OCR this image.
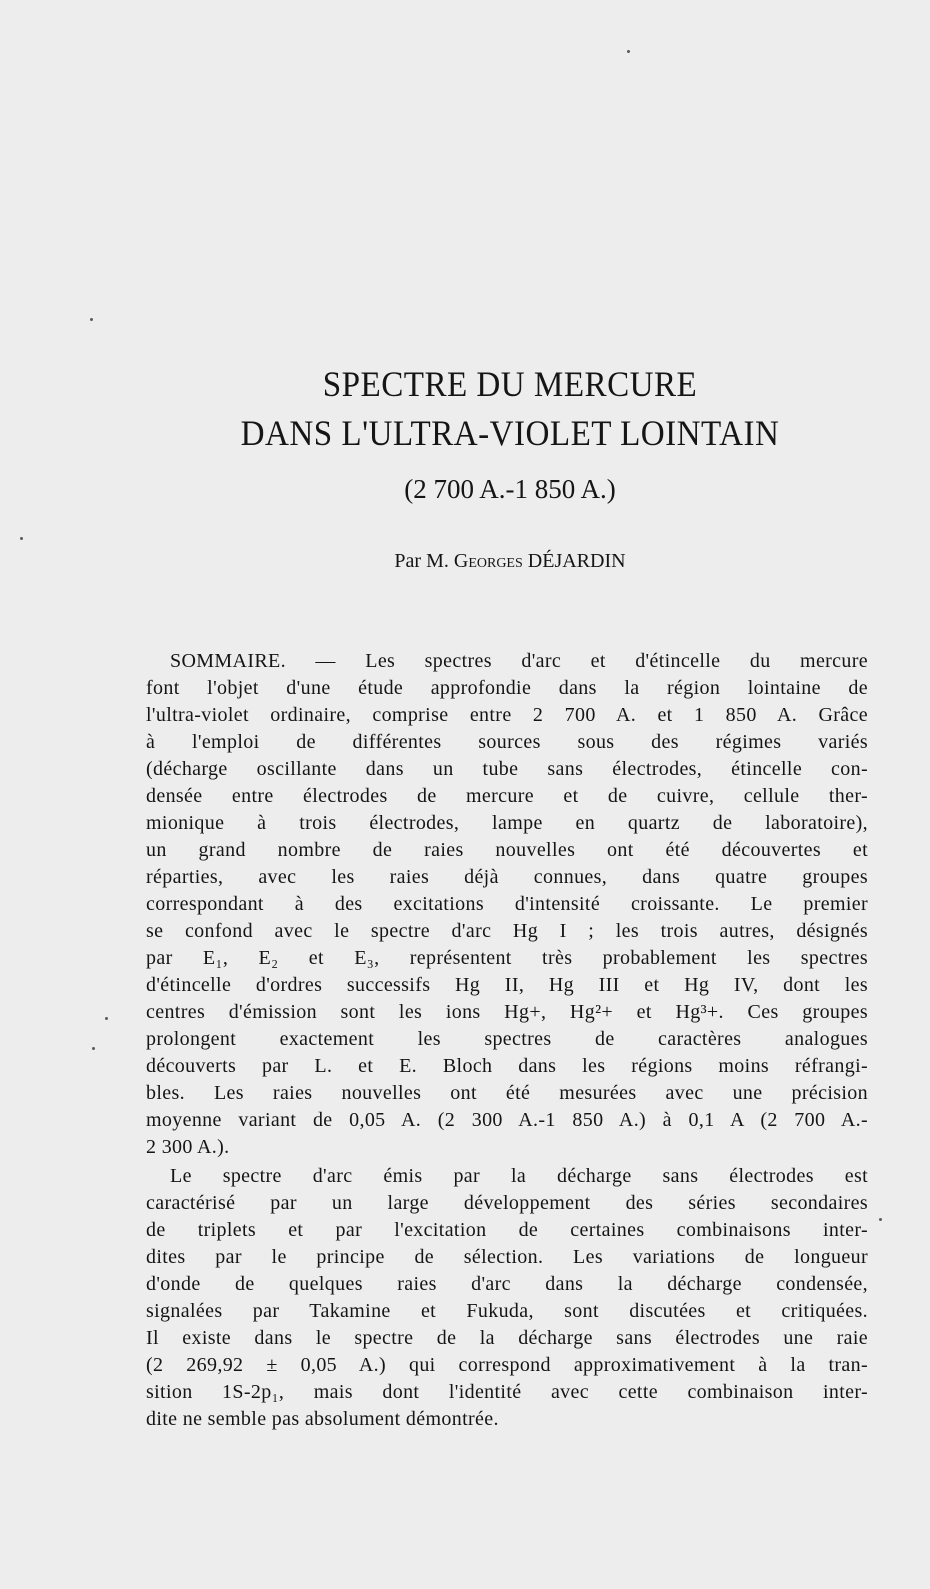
SPECTRE DU MERCURE
DANS L'ULTRA-VIOLET LOINTAIN
(2 700 A.-1 850 A.)
Par M. Georges DÉJARDIN
SOMMAIRE. — Les spectres d'arc et d'étincelle du mercure
font l'objet d'une étude approfondie dans la région lointaine de
l'ultra-violet ordinaire, comprise entre 2 700 A. et 1 850 A. Grâce
à l'emploi de différentes sources sous des régimes variés
(décharge oscillante dans un tube sans électrodes, étincelle con-
densée entre électrodes de mercure et de cuivre, cellule ther-
mionique à trois électrodes, lampe en quartz de laboratoire),
un grand nombre de raies nouvelles ont été découvertes et
réparties, avec les raies déjà connues, dans quatre groupes
correspondant à des excitations d'intensité croissante. Le premier
se confond avec le spectre d'arc Hg I ; les trois autres, désignés
par E₁, E₂ et E₃, représentent très probablement les spectres
d'étincelle d'ordres successifs Hg II, Hg III et Hg IV, dont les
centres d'émission sont les ions Hg+, Hg²+ et Hg³+. Ces groupes
prolongent exactement les spectres de caractères analogues
découverts par L. et E. Bloch dans les régions moins réfrangi-
bles. Les raies nouvelles ont été mesurées avec une précision
moyenne variant de 0,05 A. (2 300 A.-1 850 A.) à 0,1 A (2 700 A.-
2 300 A.).
Le spectre d'arc émis par la décharge sans électrodes est
caractérisé par un large développement des séries secondaires
de triplets et par l'excitation de certaines combinaisons inter-
dites par le principe de sélection. Les variations de longueur
d'onde de quelques raies d'arc dans la décharge condensée,
signalées par Takamine et Fukuda, sont discutées et critiquées.
Il existe dans le spectre de la décharge sans électrodes une raie
(2 269,92 ± 0,05 A.) qui correspond approximativement à la tran-
sition 1S-2p₁, mais dont l'identité avec cette combinaison inter-
dite ne semble pas absolument démontrée.
